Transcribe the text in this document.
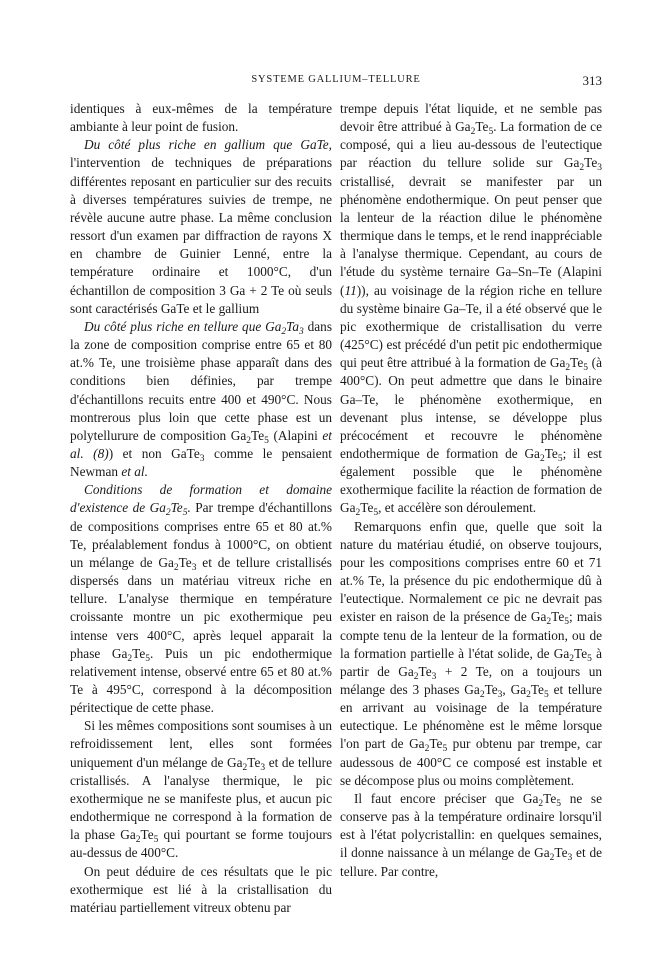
SYSTEME GALLIUM–TELLURE	313

identiques à eux-mêmes de la température ambiante à leur point de fusion.

Du côté plus riche en gallium que GaTe, l'intervention de techniques de préparations différentes reposant en particulier sur des recuits à diverses températures suivies de trempe, ne révèle aucune autre phase. La même conclusion ressort d'un examen par diffraction de rayons X en chambre de Guinier Lenné, entre la température ordinaire et 1000°C, d'un échantillon de composition 3 Ga + 2 Te où seuls sont caractérisés GaTe et le gallium

Du côté plus riche en tellure que $Ga_2Ta_3$ dans la zone de composition comprise entre 65 et 80 at.% Te, une troisième phase apparaît dans des conditions bien définies, par trempe d'échantillons recuits entre 400 et 490°C. Nous montrerous plus loin que cette phase est un polytellurure de composition $Ga_2Te_5$ (Alapini et al. (8)) et non GaTe$_3$ comme le pensaient Newman et al.

Conditions de formation et domaine d'existence de $Ga_2Te_5$. Par trempe d'échantillons de compositions comprises entre 65 et 80 at.% Te, préalablement fondus à 1000°C, on obtient un mélange de $Ga_2Te_3$ et de tellure cristallisés dispersés dans un matériau vitreux riche en tellure. L'analyse thermique en température croissante montre un pic exothermique peu intense vers 400°C, après lequel apparait la phase $Ga_2Te_5$. Puis un pic endothermique relativement intense, observé entre 65 et 80 at.% Te à 495°C, correspond à la décomposition péritectique de cette phase.

Si les mêmes compositions sont soumises à un refroidissement lent, elles sont formées uniquement d'un mélange de $Ga_2Te_3$ et de tellure cristallisés. A l'analyse thermique, le pic exothermique ne se manifeste plus, et aucun pic endothermique ne correspond à la formation de la phase $Ga_2Te_5$ qui pourtant se forme toujours au-dessus de 400°C.

On peut déduire de ces résultats que le pic exothermique est lié à la cristallisation du matériau partiellement vitreux obtenu par

trempe depuis l'état liquide, et ne semble pas devoir être attribué à $Ga_2Te_5$. La formation de ce composé, qui a lieu au-dessous de l'eutectique par réaction du tellure solide sur $Ga_2Te_3$ cristallisé, devrait se manifester par un phénomène endothermique. On peut penser que la lenteur de la réaction dilue le phénomène thermique dans le temps, et le rend inappréciable à l'analyse thermique. Cependant, au cours de l'étude du système ternaire Ga–Sn–Te (Alapini (11)), au voisinage de la région riche en tellure du système binaire Ga–Te, il a été observé que le pic exothermique de cristallisation du verre (425°C) est précédé d'un petit pic endothermique qui peut être attribué à la formation de $Ga_2Te_5$ (à 400°C). On peut admettre que dans le binaire Ga–Te, le phénomène exothermique, en devenant plus intense, se développe plus précocément et recouvre le phénomène endothermique de formation de $Ga_2Te_5$; il est également possible que le phénomène exothermique facilite la réaction de formation de $Ga_2Te_5$, et accélère son déroulement.

Remarquons enfin que, quelle que soit la nature du matériau étudié, on observe toujours, pour les compositions comprises entre 60 et 71 at.% Te, la présence du pic endothermique dû à l'eutectique. Normalement ce pic ne devrait pas exister en raison de la présence de $Ga_2Te_5$; mais compte tenu de la lenteur de la formation, ou de la formation partielle à l'état solide, de $Ga_2Te_5$ à partir de $Ga_2Te_3 + 2$ Te, on a toujours un mélange des 3 phases $Ga_2Te_3$, $Ga_2Te_5$ et tellure en arrivant au voisinage de la température eutectique. Le phénomène est le même lorsque l'on part de $Ga_2Te_5$ pur obtenu par trempe, car audessous de 400°C ce composé est instable et se décompose plus ou moins complètement.

Il faut encore préciser que $Ga_2Te_5$ ne se conserve pas à la température ordinaire lorsqu'il est à l'état polycristallin: en quelques semaines, il donne naissance à un mélange de $Ga_2Te_3$ et de tellure. Par contre,
